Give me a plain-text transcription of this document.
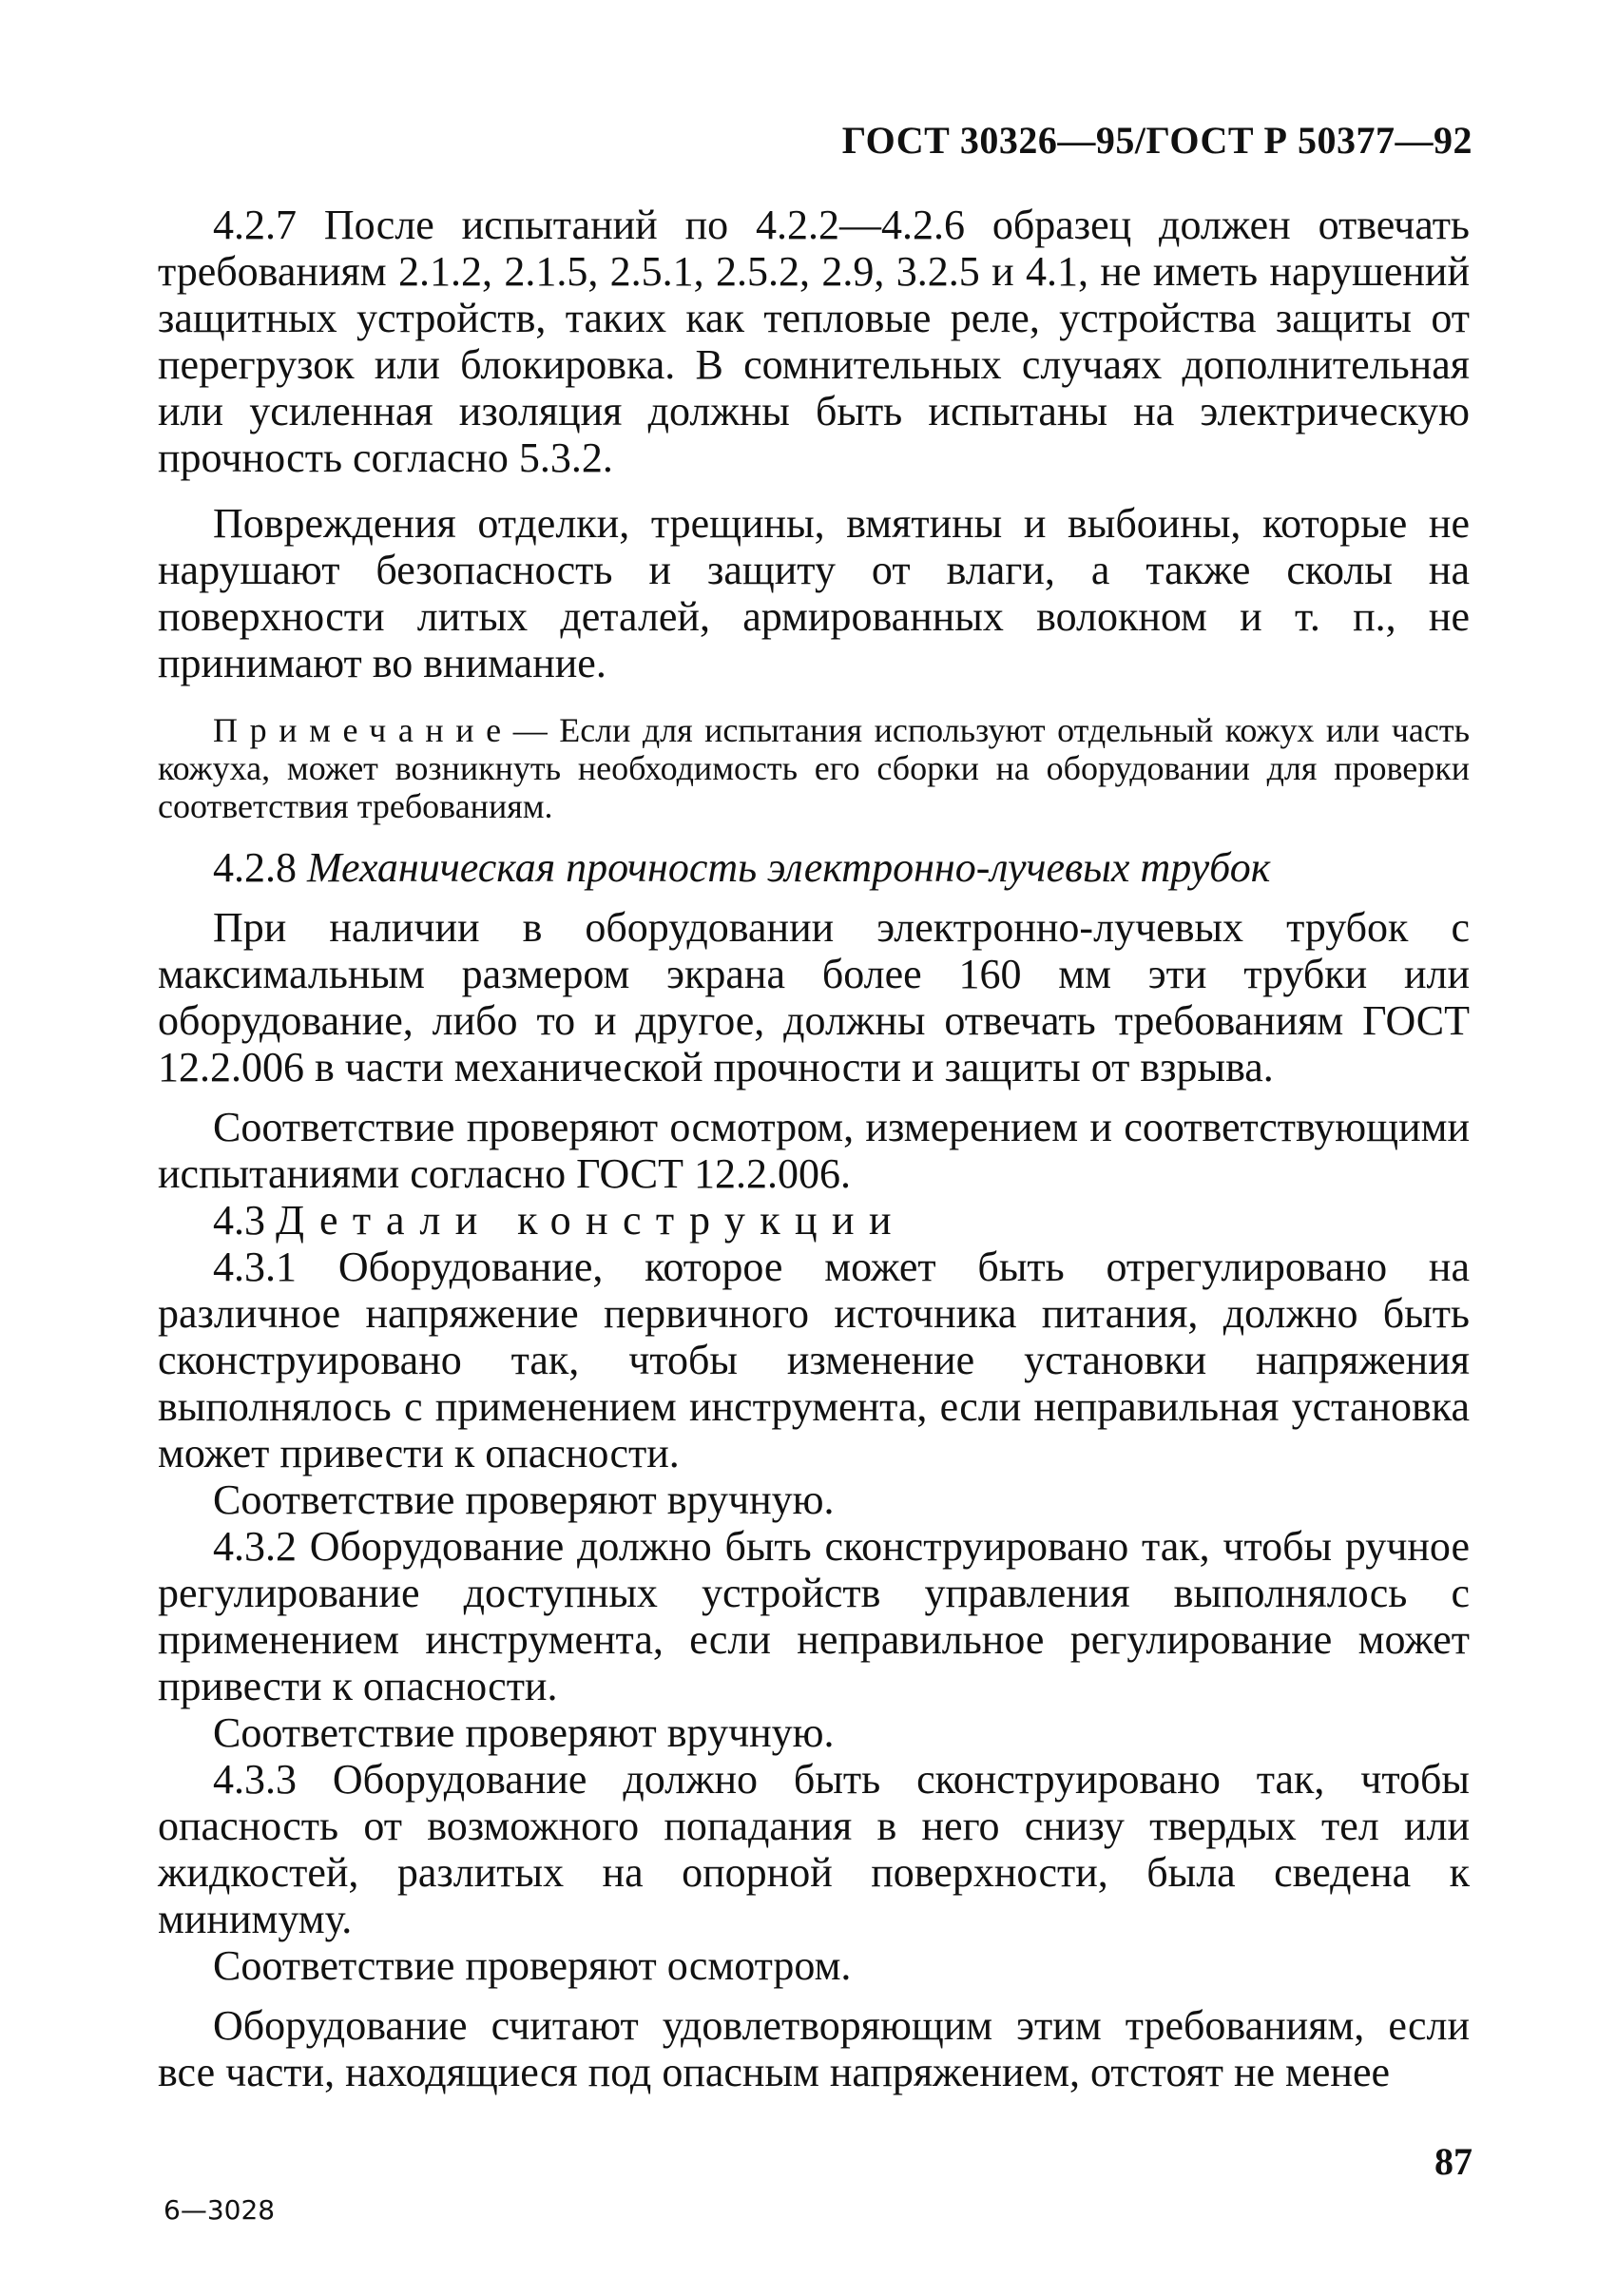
ГОСТ 30326—95/ГОСТ Р 50377—92

4.2.7 После испытаний по 4.2.2—4.2.6 образец должен отвечать требованиям 2.1.2, 2.1.5, 2.5.1, 2.5.2, 2.9, 3.2.5 и 4.1, не иметь нарушений защитных устройств, таких как тепловые реле, устройства защиты от перегрузок или блокировка. В сомнительных случаях дополнительная или усиленная изоляция должны быть испытаны на электрическую прочность согласно 5.3.2.

Повреждения отделки, трещины, вмятины и выбоины, которые не нарушают безопасность и защиту от влаги, а также сколы на поверхности литых деталей, армированных волокном и т. п., не принимают во внимание.

Примечание— Если для испытания используют отдельный кожух или часть кожуха, может возникнуть необходимость его сборки на оборудовании для проверки соответствия требованиям.

4.2.8 Механическая прочность электронно-лучевых трубок

При наличии в оборудовании электронно-лучевых трубок с максимальным размером экрана более 160 мм эти трубки или оборудование, либо то и другое, должны отвечать требованиям ГОСТ 12.2.006 в части механической прочности и защиты от взрыва.

Соответствие проверяют осмотром, измерением и соответствующими испытаниями согласно ГОСТ 12.2.006.

4.3 Детали конструкции

4.3.1 Оборудование, которое может быть отрегулировано на различное напряжение первичного источника питания, должно быть сконструировано так, чтобы изменение установки напряжения выполнялось с применением инструмента, если неправильная установка может привести к опасности.

Соответствие проверяют вручную.

4.3.2 Оборудование должно быть сконструировано так, чтобы ручное регулирование доступных устройств управления выполнялось с применением инструмента, если неправильное регулирование может привести к опасности.

Соответствие проверяют вручную.

4.3.3 Оборудование должно быть сконструировано так, чтобы опасность от возможного попадания в него снизу твердых тел или жидкостей, разлитых на опорной поверхности, была сведена к минимуму.

Соответствие проверяют осмотром.

Оборудование считают удовлетворяющим этим требованиям, если все части, находящиеся под опасным напряжением, отстоят не менее

6—3028
87
